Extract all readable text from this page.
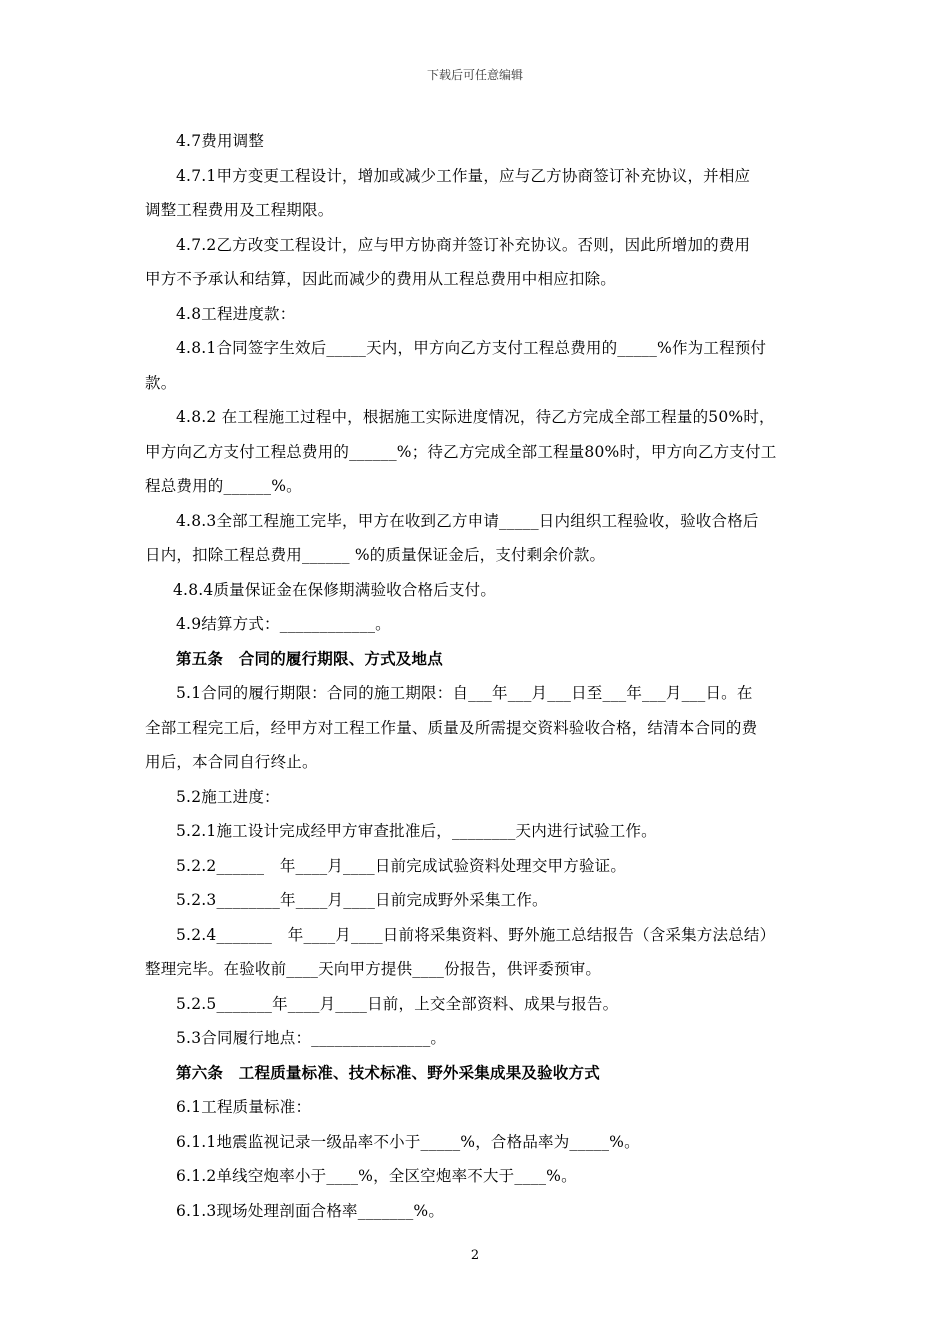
下载后可任意编辑
4.7费用调整
4.7.1甲方变更工程设计，增加或减少工作量，应与乙方协商签订补充协议，并相应
调整工程费用及工程期限。
4.7.2乙方改变工程设计，应与甲方协商并签订补充协议。否则，因此所增加的费用
甲方不予承认和结算，因此而减少的费用从工程总费用中相应扣除。
4.8工程进度款：
4.8.1合同签字生效后_____天内，甲方向乙方支付工程总费用的_____%作为工程预付
款。
4.8.2 在工程施工过程中，根据施工实际进度情况，待乙方完成全部工程量的50%时，
甲方向乙方支付工程总费用的______%；待乙方完成全部工程量80%时，甲方向乙方支付工
程总费用的______%。
4.8.3全部工程施工完毕，甲方在收到乙方申请_____日内组织工程验收，验收合格后
日内，扣除工程总费用______ %的质量保证金后，支付剩余价款。
4.8.4质量保证金在保修期满验收合格后支付。
4.9结算方式：____________。
第五条　合同的履行期限、方式及地点
5.1合同的履行期限：合同的施工期限：自___年___月___日至___年___月___日。在
全部工程完工后，经甲方对工程工作量、质量及所需提交资料验收合格，结清本合同的费
用后，本合同自行终止。
5.2施工进度：
5.2.1施工设计完成经甲方审查批准后，________天内进行试验工作。
5.2.2______　年____月____日前完成试验资料处理交甲方验证。
5.2.3________年____月____日前完成野外采集工作。
5.2.4_______　年____月____日前将采集资料、野外施工总结报告（含采集方法总结）
整理完毕。在验收前____天向甲方提供____份报告，供评委预审。
5.2.5_______年____月____日前，上交全部资料、成果与报告。
5.3合同履行地点：_______________。
第六条　工程质量标准、技术标准、野外采集成果及验收方式
6.1工程质量标准：
6.1.1地震监视记录一级品率不小于_____%，合格品率为_____%。
6.1.2单线空炮率小于____%，全区空炮率不大于____%。
6.1.3现场处理剖面合格率_______%。
2
